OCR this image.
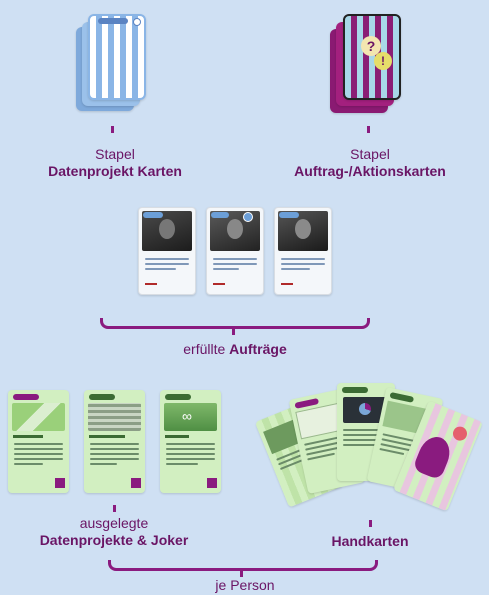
Stapel
Datenprojekt Karten
?
!
Stapel
Auftrag-/Aktionskarten
erfüllte Aufträge
∞
ausgelegte
Datenprojekte & Joker	Handkarten
je Person
